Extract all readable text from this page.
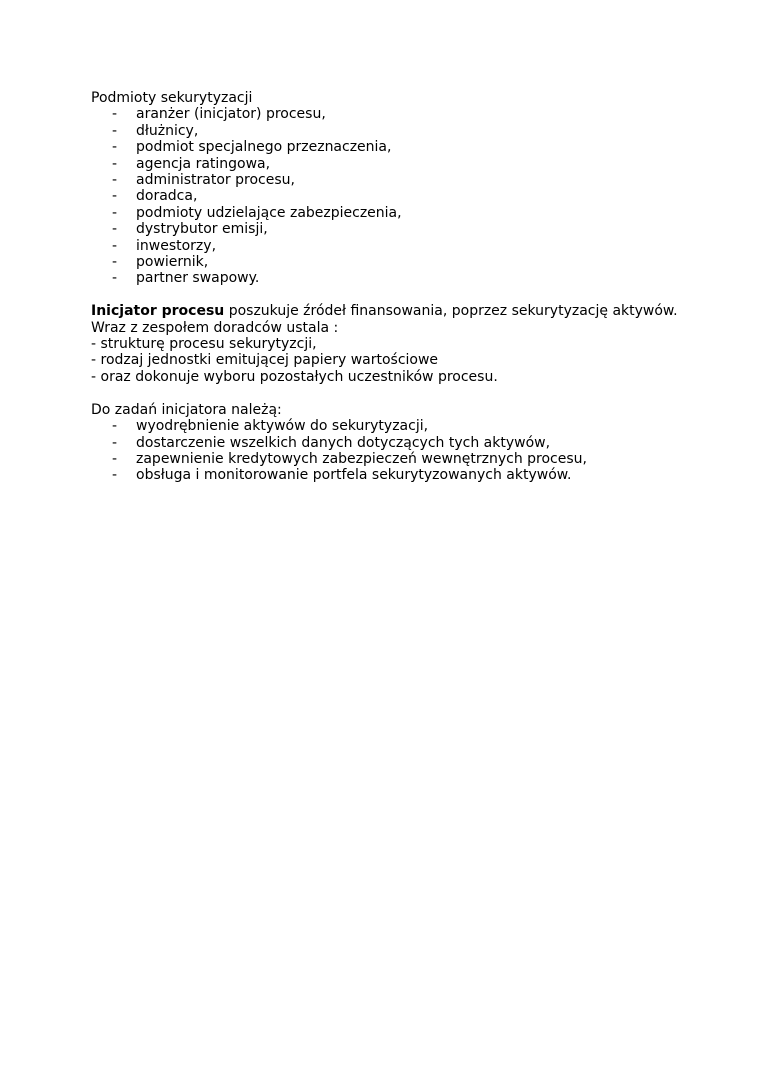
Podmioty sekurytyzacji

- aranżer (inicjator) procesu,
- dłużnicy,
- podmiot specjalnego przeznaczenia,
- agencja ratingowa,
- administrator procesu,
- doradca,
- podmioty udzielające zabezpieczenia,
- dystrybutor emisji,
- inwestorzy,
- powiernik,
- partner swapowy.

Inicjator procesu poszukuje źródeł finansowania, poprzez sekurytyzację aktywów.

Wraz z zespołem doradców ustala :

- strukturę procesu sekurytyzcji,

- rodzaj jednostki emitującej papiery wartościowe

- oraz dokonuje wyboru pozostałych uczestników procesu.

Do zadań inicjatora należą:

- wyodrębnienie aktywów do sekurytyzacji,
- dostarczenie wszelkich danych dotyczących tych aktywów,
- zapewnienie kredytowych zabezpieczeń wewnętrznych procesu,
- obsługa i monitorowanie portfela sekurytyzowanych aktywów.
